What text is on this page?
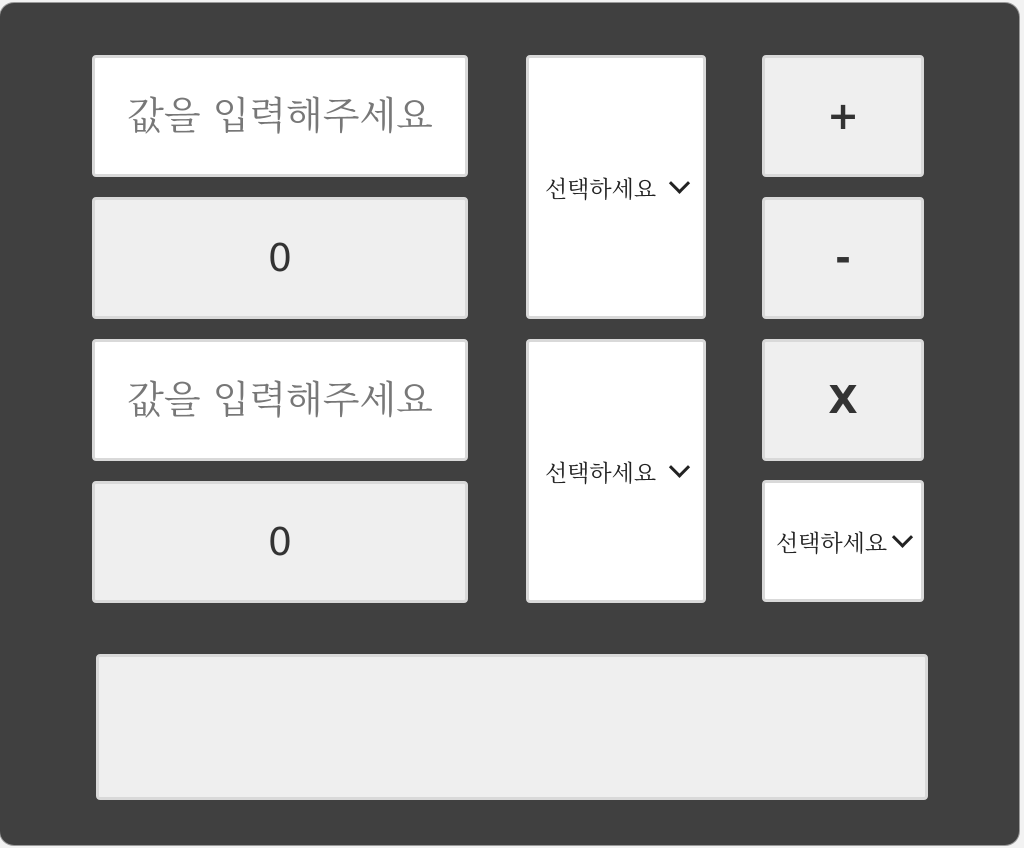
값을 입력해주세요
0
값을 입력해주세요
0
선택하세요
선택하세요
+
-
X
선택하세요
